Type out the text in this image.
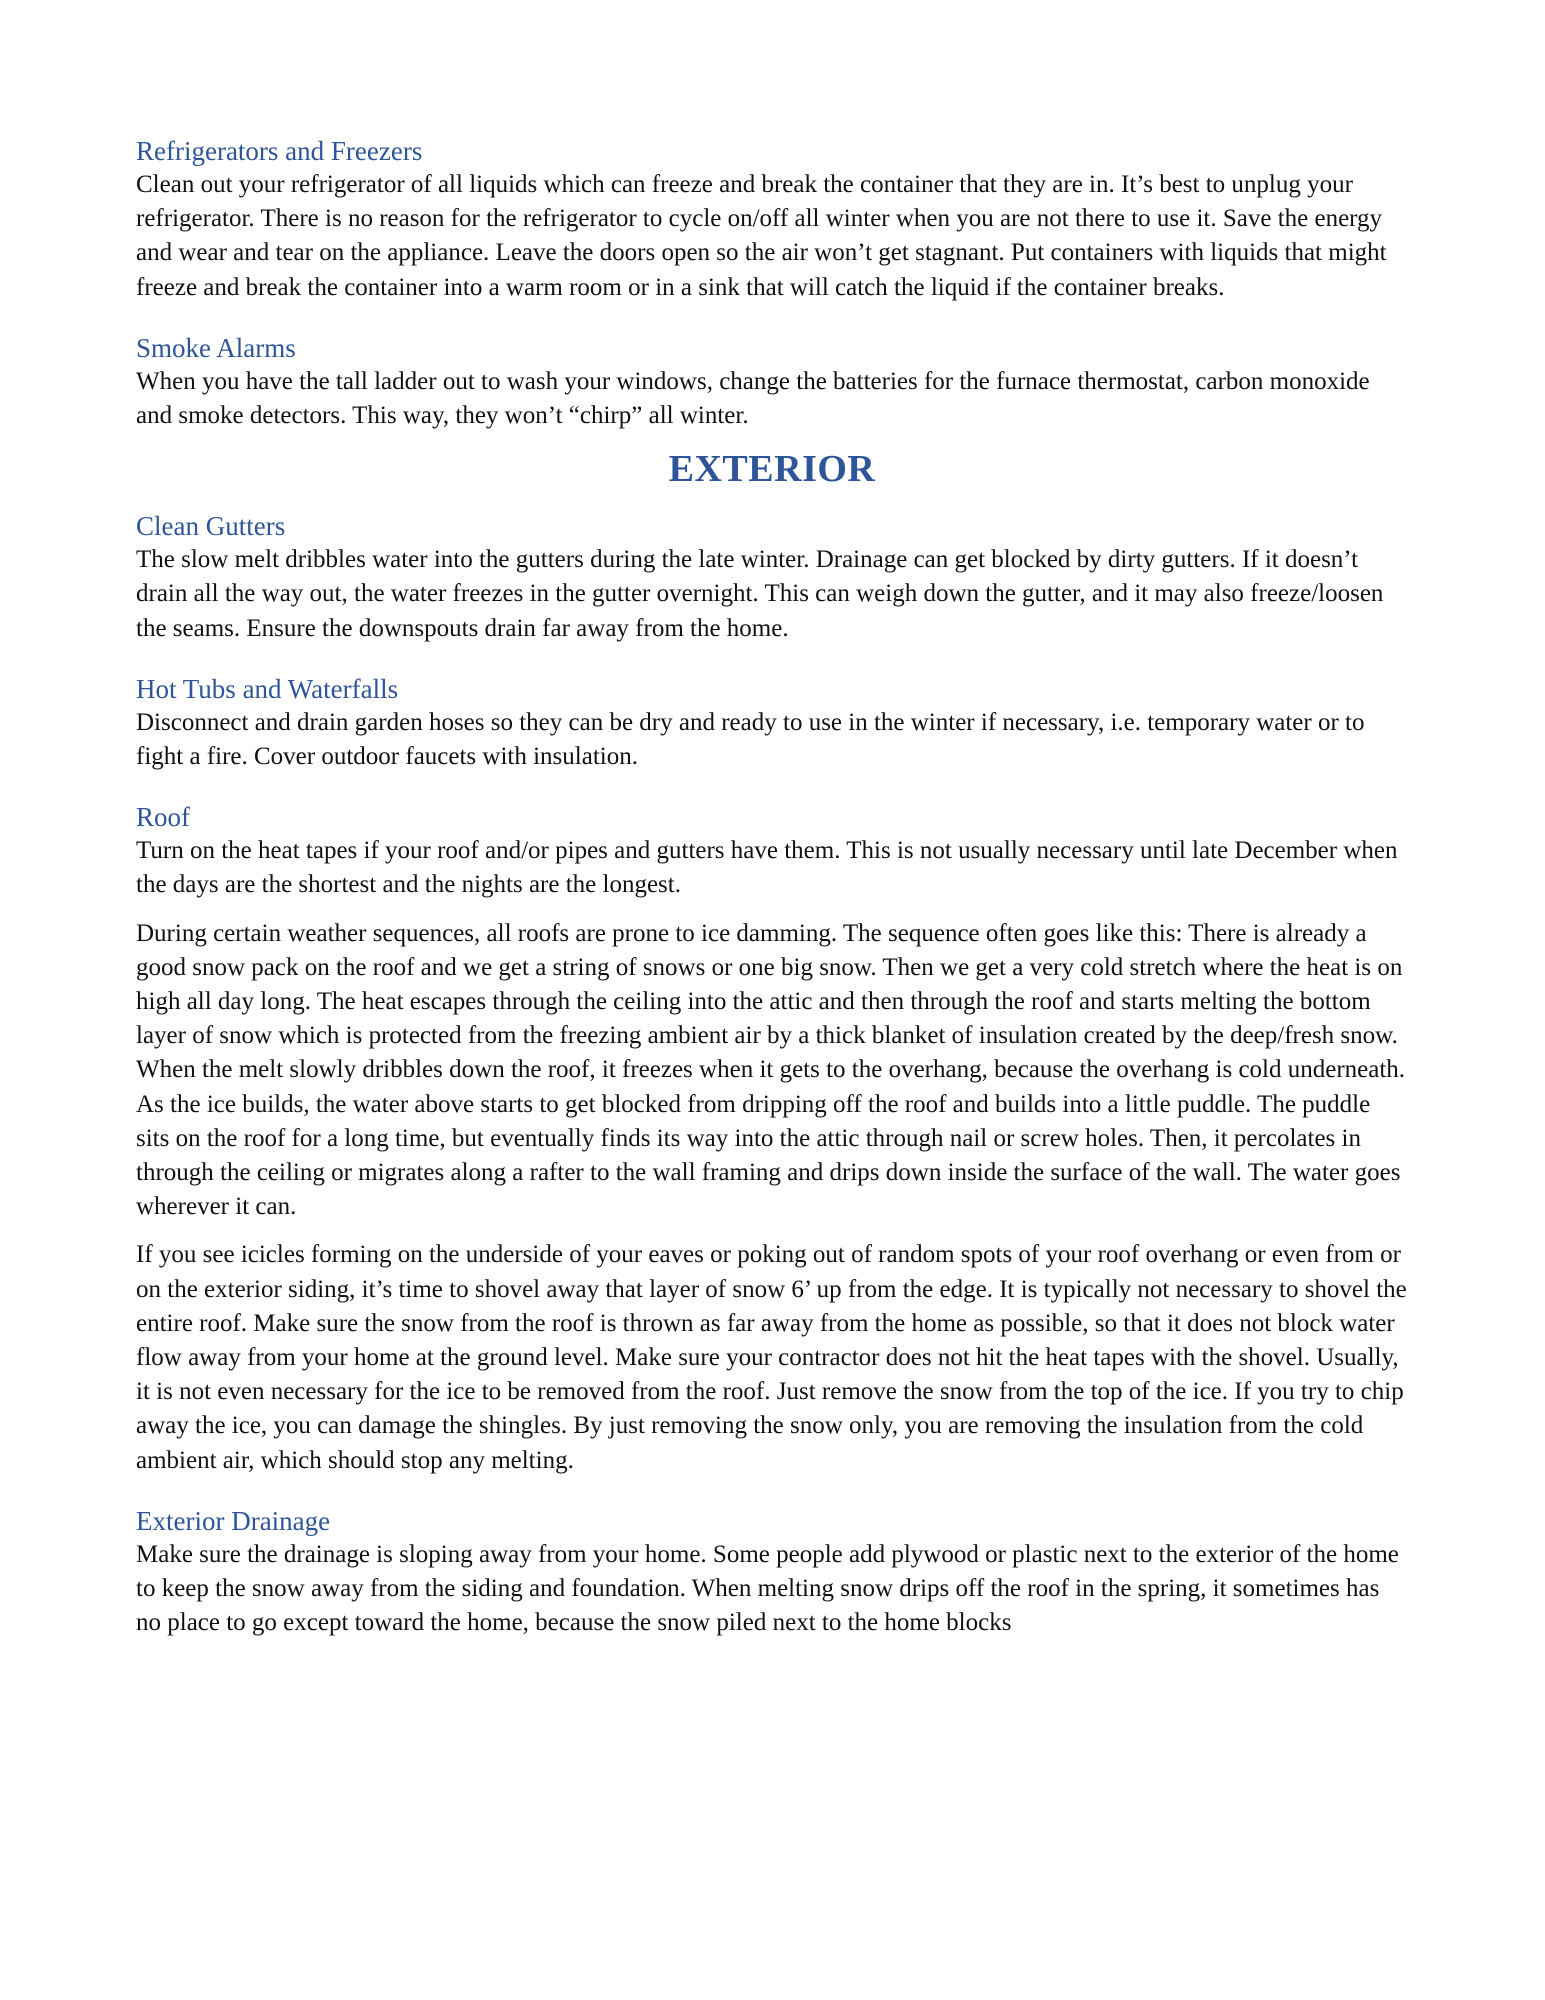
Refrigerators and Freezers

Clean out your refrigerator of all liquids which can freeze and break the container that they are in. It’s best to unplug your refrigerator. There is no reason for the refrigerator to cycle on/off all winter when you are not there to use it. Save the energy and wear and tear on the appliance. Leave the doors open so the air won’t get stagnant. Put containers with liquids that might freeze and break the container into a warm room or in a sink that will catch the liquid if the container breaks.

Smoke Alarms

When you have the tall ladder out to wash your windows, change the batteries for the furnace thermostat, carbon monoxide and smoke detectors. This way, they won’t “chirp” all winter.

EXTERIOR
Clean Gutters

The slow melt dribbles water into the gutters during the late winter. Drainage can get blocked by dirty gutters. If it doesn’t drain all the way out, the water freezes in the gutter overnight. This can weigh down the gutter, and it may also freeze/loosen the seams. Ensure the downspouts drain far away from the home.

Hot Tubs and Waterfalls

Disconnect and drain garden hoses so they can be dry and ready to use in the winter if necessary, i.e. temporary water or to fight a fire. Cover outdoor faucets with insulation.

Roof

Turn on the heat tapes if your roof and/or pipes and gutters have them. This is not usually necessary until late December when the days are the shortest and the nights are the longest.

During certain weather sequences, all roofs are prone to ice damming. The sequence often goes like this: There is already a good snow pack on the roof and we get a string of snows or one big snow. Then we get a very cold stretch where the heat is on high all day long. The heat escapes through the ceiling into the attic and then through the roof and starts melting the bottom layer of snow which is protected from the freezing ambient air by a thick blanket of insulation created by the deep/fresh snow. When the melt slowly dribbles down the roof, it freezes when it gets to the overhang, because the overhang is cold underneath. As the ice builds, the water above starts to get blocked from dripping off the roof and builds into a little puddle. The puddle sits on the roof for a long time, but eventually finds its way into the attic through nail or screw holes. Then, it percolates in through the ceiling or migrates along a rafter to the wall framing and drips down inside the surface of the wall. The water goes wherever it can.

If you see icicles forming on the underside of your eaves or poking out of random spots of your roof overhang or even from or on the exterior siding, it’s time to shovel away that layer of snow 6’ up from the edge. It is typically not necessary to shovel the entire roof. Make sure the snow from the roof is thrown as far away from the home as possible, so that it does not block water flow away from your home at the ground level. Make sure your contractor does not hit the heat tapes with the shovel. Usually, it is not even necessary for the ice to be removed from the roof. Just remove the snow from the top of the ice. If you try to chip away the ice, you can damage the shingles. By just removing the snow only, you are removing the insulation from the cold ambient air, which should stop any melting.

Exterior Drainage

Make sure the drainage is sloping away from your home. Some people add plywood or plastic next to the exterior of the home to keep the snow away from the siding and foundation. When melting snow drips off the roof in the spring, it sometimes has no place to go except toward the home, because the snow piled next to the home blocks
